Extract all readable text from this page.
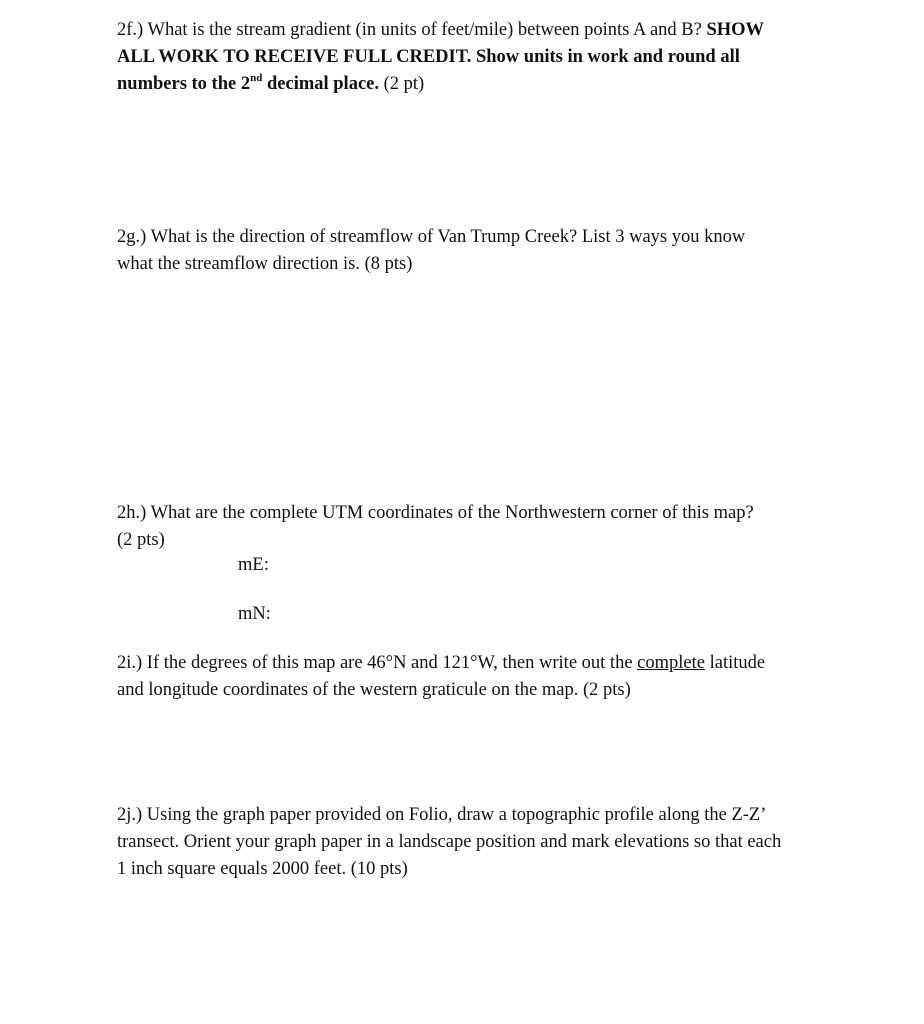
2f.) What is the stream gradient (in units of feet/mile) between points A and B? SHOW

ALL WORK TO RECEIVE FULL CREDIT. Show units in work and round all

numbers to the 2nd decimal place. (2 pt)

2g.) What is the direction of streamflow of Van Trump Creek? List 3 ways you know

what the streamflow direction is. (8 pts)

2h.) What are the complete UTM coordinates of the Northwestern corner of this map?

(2 pts)

mE:

mN:

2i.) If the degrees of this map are 46°N and 121°W, then write out the complete latitude

and longitude coordinates of the western graticule on the map. (2 pts)

2j.) Using the graph paper provided on Folio, draw a topographic profile along the Z-Z’

transect. Orient your graph paper in a landscape position and mark elevations so that each

1 inch square equals 2000 feet. (10 pts)
